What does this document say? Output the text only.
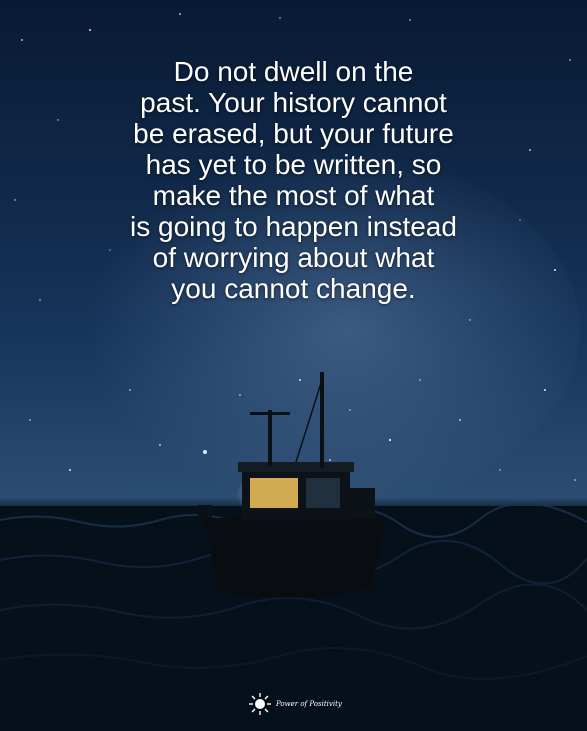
Do not dwell on the
past. Your history cannot
be erased, but your future
has yet to be written, so
make the most of what
is going to happen instead
of worrying about what
you cannot change.
Power of Positivity
